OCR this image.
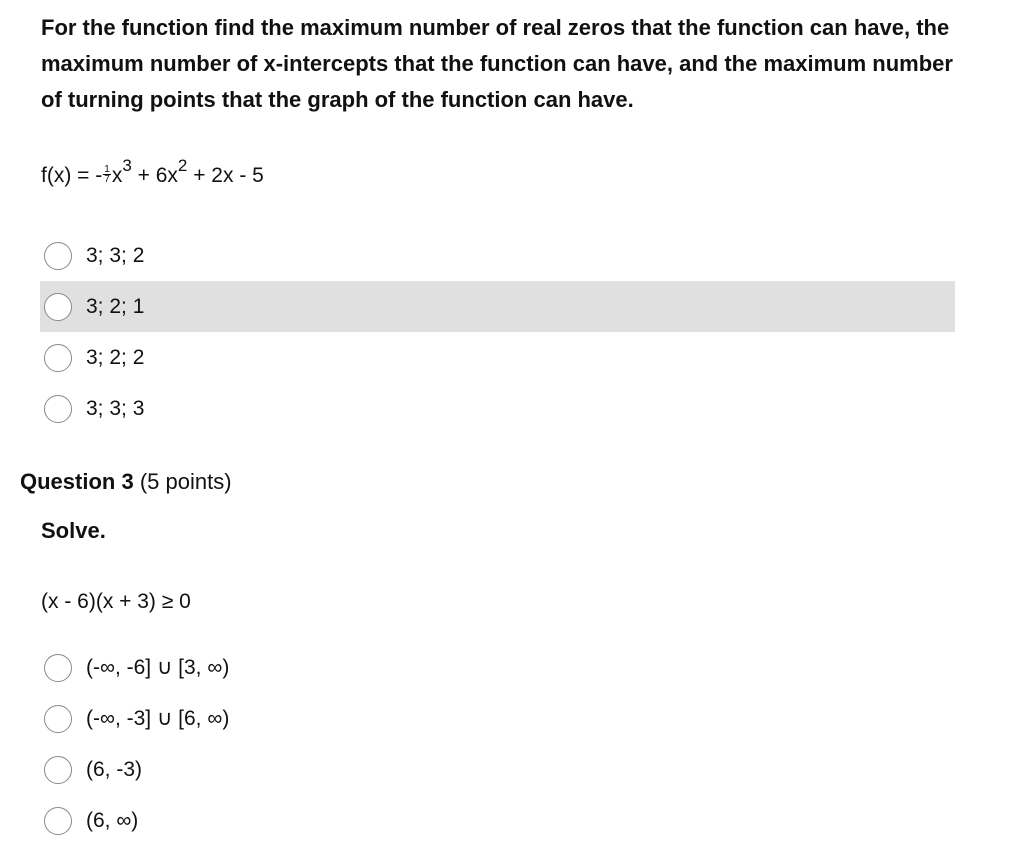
For the function find the maximum number of real zeros that the function can have, the maximum number of x-intercepts that the function can have, and the maximum number of turning points that the graph of the function can have.

f(x) = - $\frac{1}{7} x^3 + 6x^2 + 2x - 5$
3; 3; 2
3; 2; 1
3; 2; 2
3; 3; 3
Question 3 (5 points)
Solve.
(x - 6)(x + 3) ≥ 0
(-∞, -6] ∪ [3, ∞)
(-∞, -3] ∪ [6, ∞)
(6, -3)
(6, ∞)
